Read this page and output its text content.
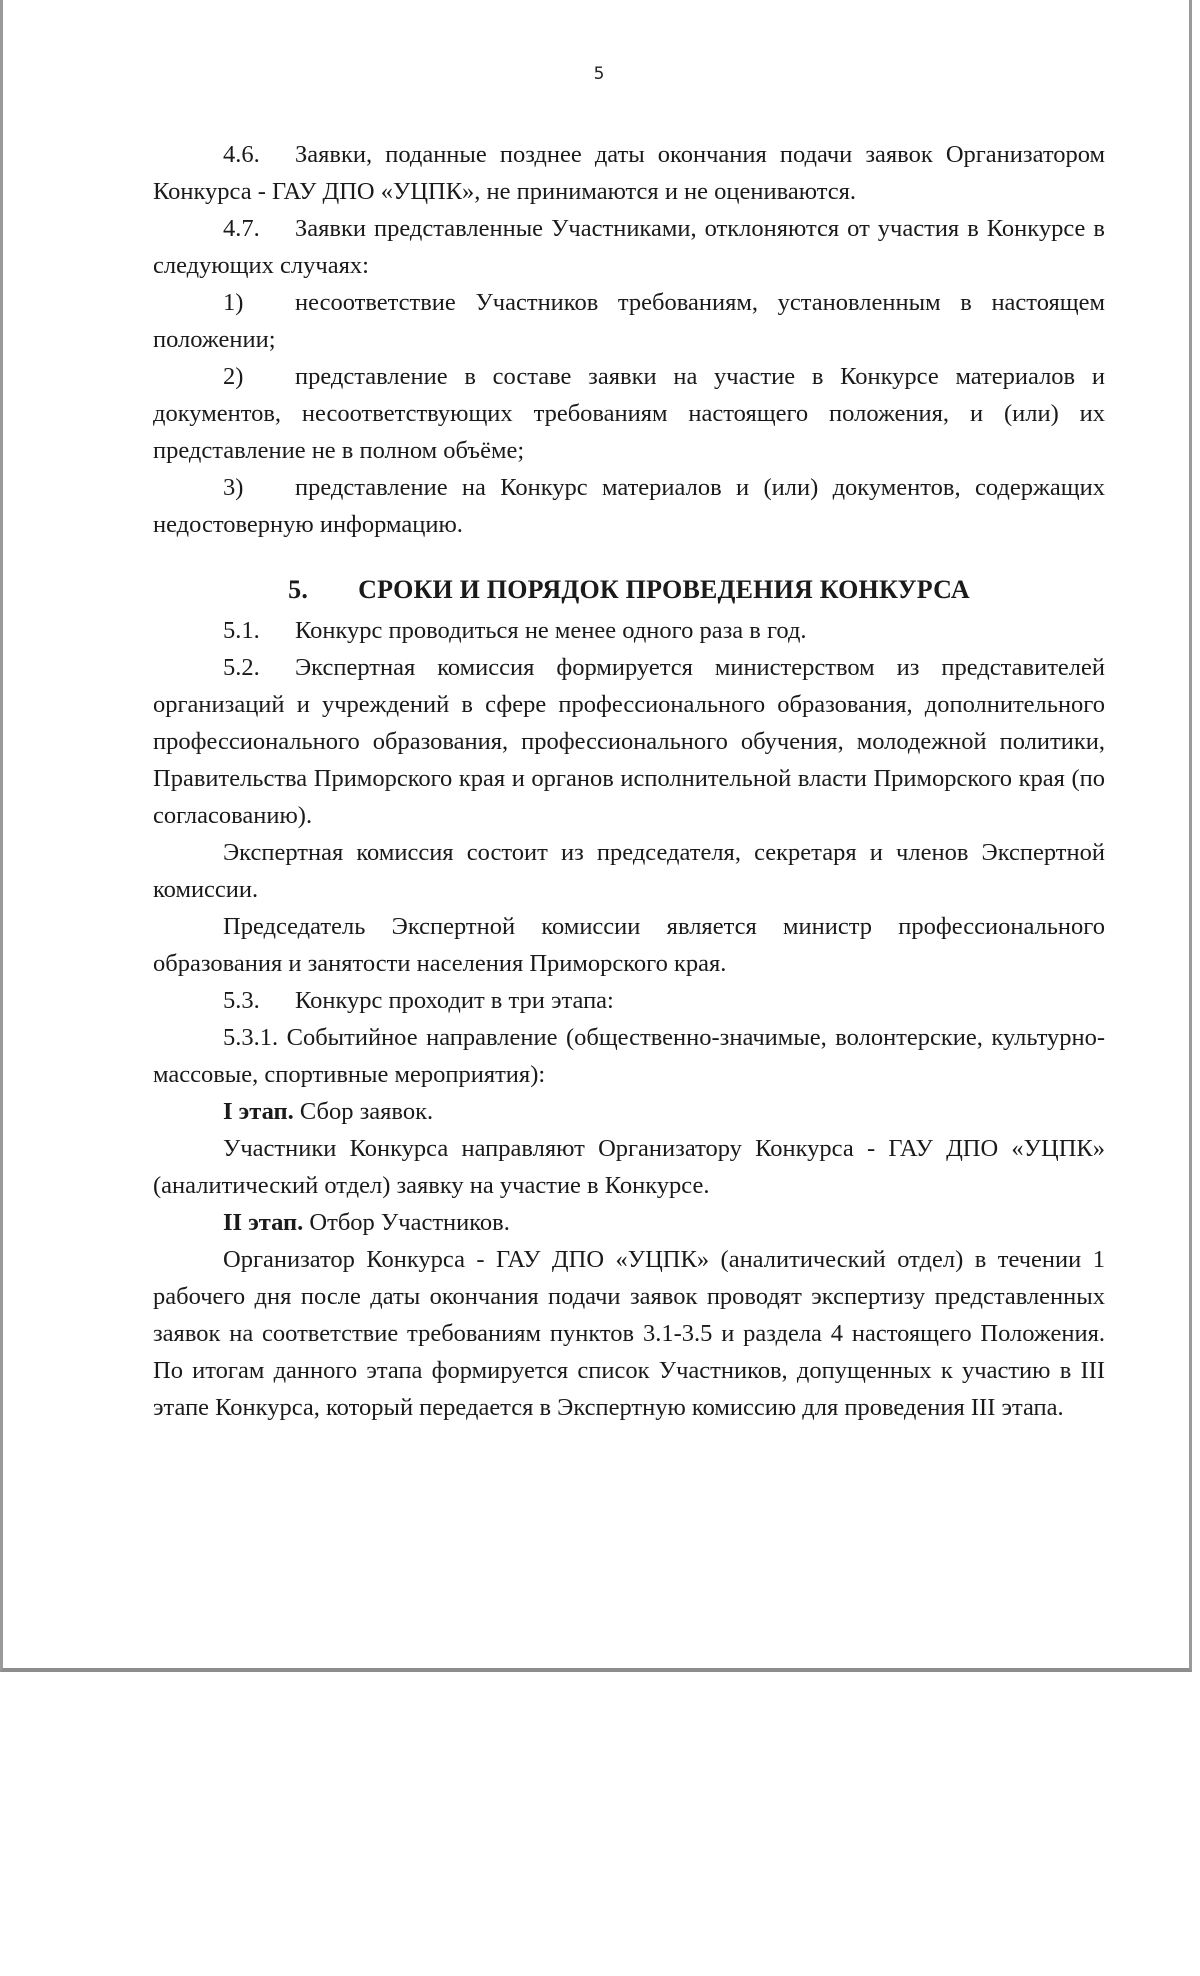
5

4.6. Заявки, поданные позднее даты окончания подачи заявок Организатором Конкурса - ГАУ ДПО «УЦПК», не принимаются и не оцениваются.

4.7. Заявки представленные Участниками, отклоняются от участия в Конкурсе в следующих случаях:

1) несоответствие Участников требованиям, установленным в настоящем положении;

2) представление в составе заявки на участие в Конкурсе материалов и документов, несоответствующих требованиям настоящего положения, и (или) их представление не в полном объёме;

3) представление на Конкурс материалов и (или) документов, содержащих недостоверную информацию.

5. СРОКИ И ПОРЯДОК ПРОВЕДЕНИЯ КОНКУРСА

5.1. Конкурс проводиться не менее одного раза в год.

5.2. Экспертная комиссия формируется министерством из представителей организаций и учреждений в сфере профессионального образования, дополнительного профессионального образования, профессионального обучения, молодежной политики, Правительства Приморского края и органов исполнительной власти Приморского края (по согласованию).

Экспертная комиссия состоит из председателя, секретаря и членов Экспертной комиссии.

Председатель Экспертной комиссии является министр профессионального образования и занятости населения Приморского края.

5.3. Конкурс проходит в три этапа:

5.3.1. Событийное направление (общественно-значимые, волонтерские, культурно-массовые, спортивные мероприятия):

I этап. Сбор заявок.

Участники Конкурса направляют Организатору Конкурса - ГАУ ДПО «УЦПК» (аналитический отдел) заявку на участие в Конкурсе.

II этап. Отбор Участников.

Организатор Конкурса - ГАУ ДПО «УЦПК» (аналитический отдел) в течении 1 рабочего дня после даты окончания подачи заявок проводят экспертизу представленных заявок на соответствие требованиям пунктов 3.1-3.5 и раздела 4 настоящего Положения. По итогам данного этапа формируется список Участников, допущенных к участию в III этапе Конкурса, который передается в Экспертную комиссию для проведения III этапа.
